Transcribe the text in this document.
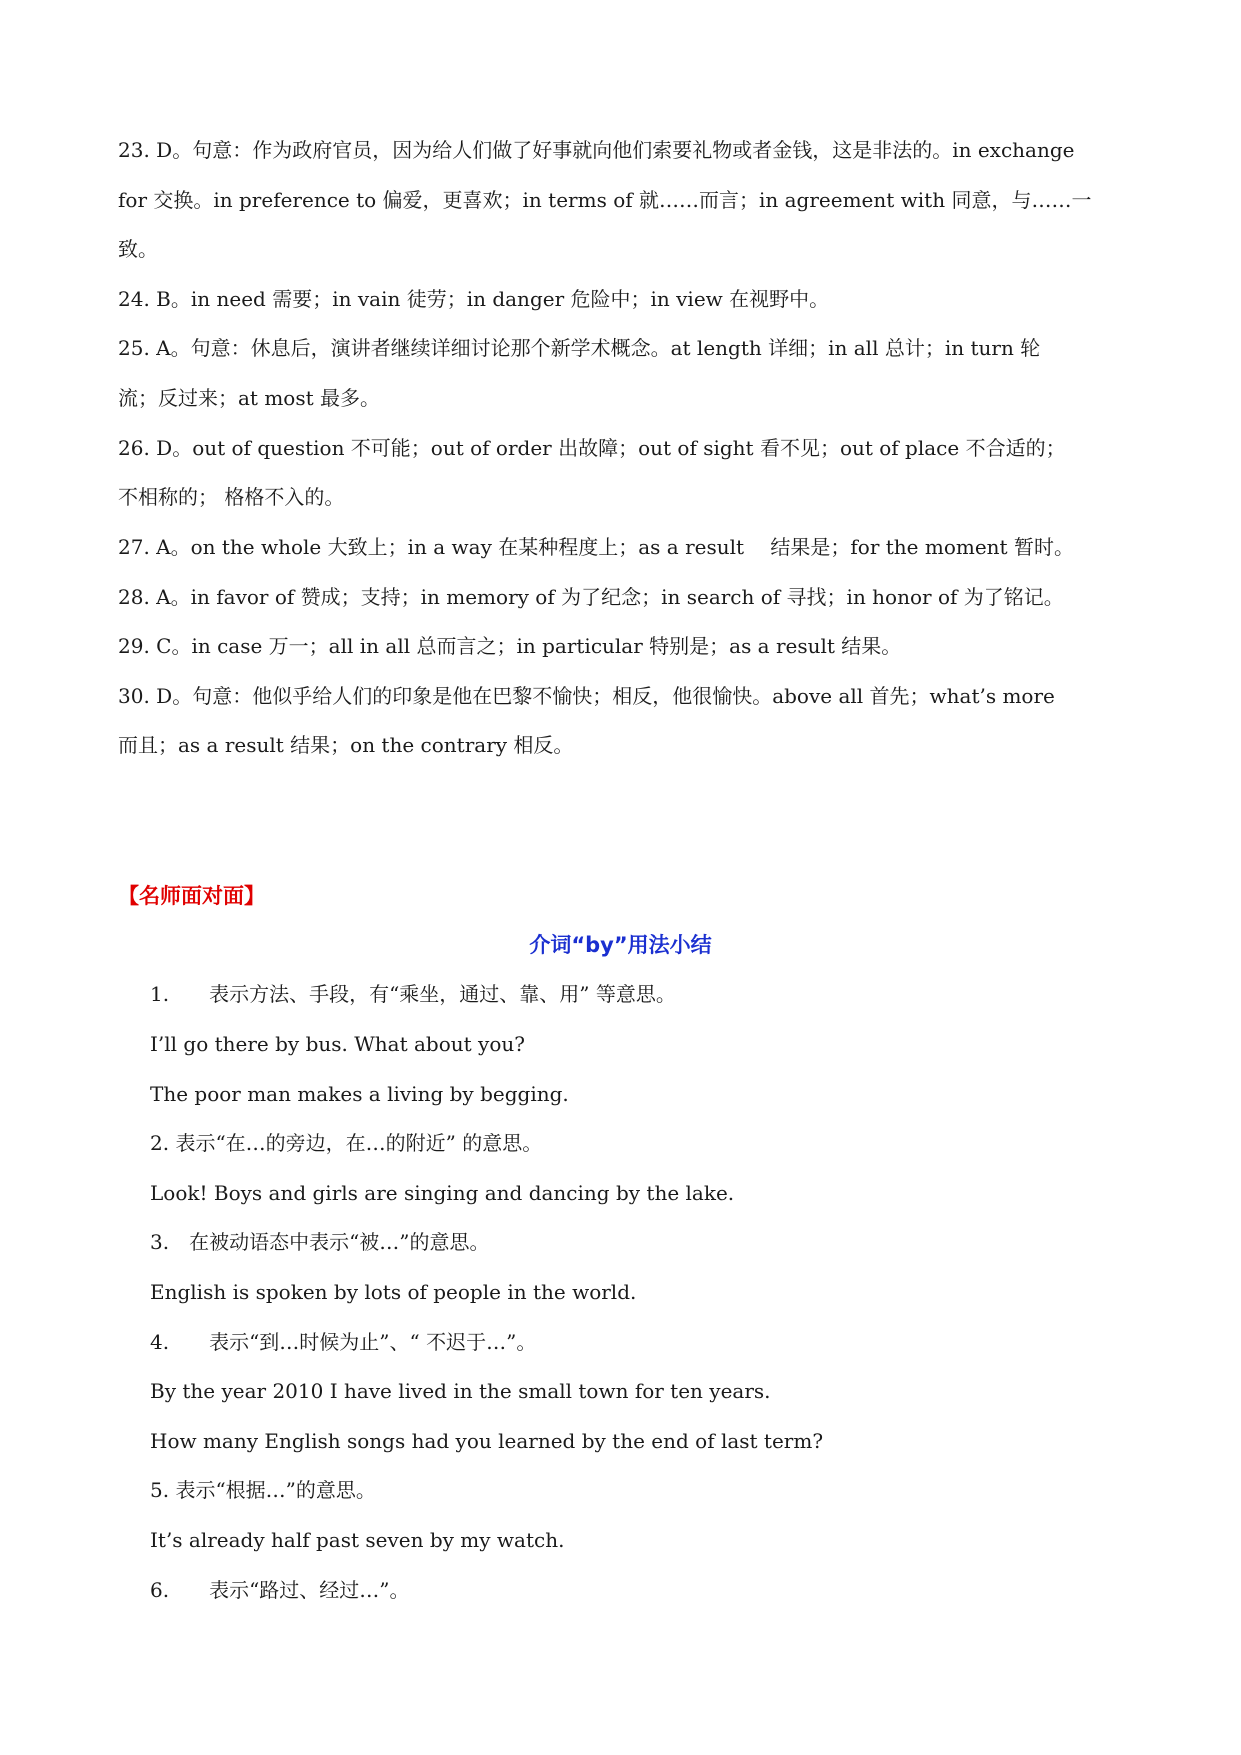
23. D。句意：作为政府官员，因为给人们做了好事就向他们索要礼物或者金钱，这是非法的。in exchange
for 交换。in preference to 偏爱，更喜欢；in terms of 就……而言；in agreement with 同意，与……一
致。
24. B。in need 需要；in vain 徒劳；in danger 危险中；in view 在视野中。
25. A。句意：休息后，演讲者继续详细讨论那个新学术概念。at length 详细；in all 总计；in turn 轮
流；反过来；at most 最多。
26. D。out of question 不可能；out of order 出故障；out of sight 看不见；out of place 不合适的；
不相称的； 格格不入的。
27. A。on the whole 大致上；in a way 在某种程度上；as a result　 结果是；for the moment 暂时。
28. A。in favor of 赞成；支持；in memory of 为了纪念；in search of 寻找；in honor of 为了铭记。
29. C。in case 万一；all in all 总而言之；in particular 特别是；as a result 结果。
30. D。句意：他似乎给人们的印象是他在巴黎不愉快；相反，他很愉快。above all 首先；what’s more
而且；as a result 结果；on the contrary 相反。
【名师面对面】
介词“by”用法小结
1.　　表示方法、手段，有“乘坐，通过、靠、用” 等意思。
I’ll go there by bus. What about you?
The poor man makes a living by begging.
2. 表示“在…的旁边，在…的附近” 的意思。
Look! Boys and girls are singing and dancing by the lake.
3.　在被动语态中表示“被…”的意思。
English is spoken by lots of people in the world.
4.　　表示“到…时候为止”、“ 不迟于…”。
By the year 2010 I have lived in the small town for ten years.
How many English songs had you learned by the end of last term?
5. 表示“根据…”的意思。
It’s already half past seven by my watch.
6.　　表示“路过、经过…”。
